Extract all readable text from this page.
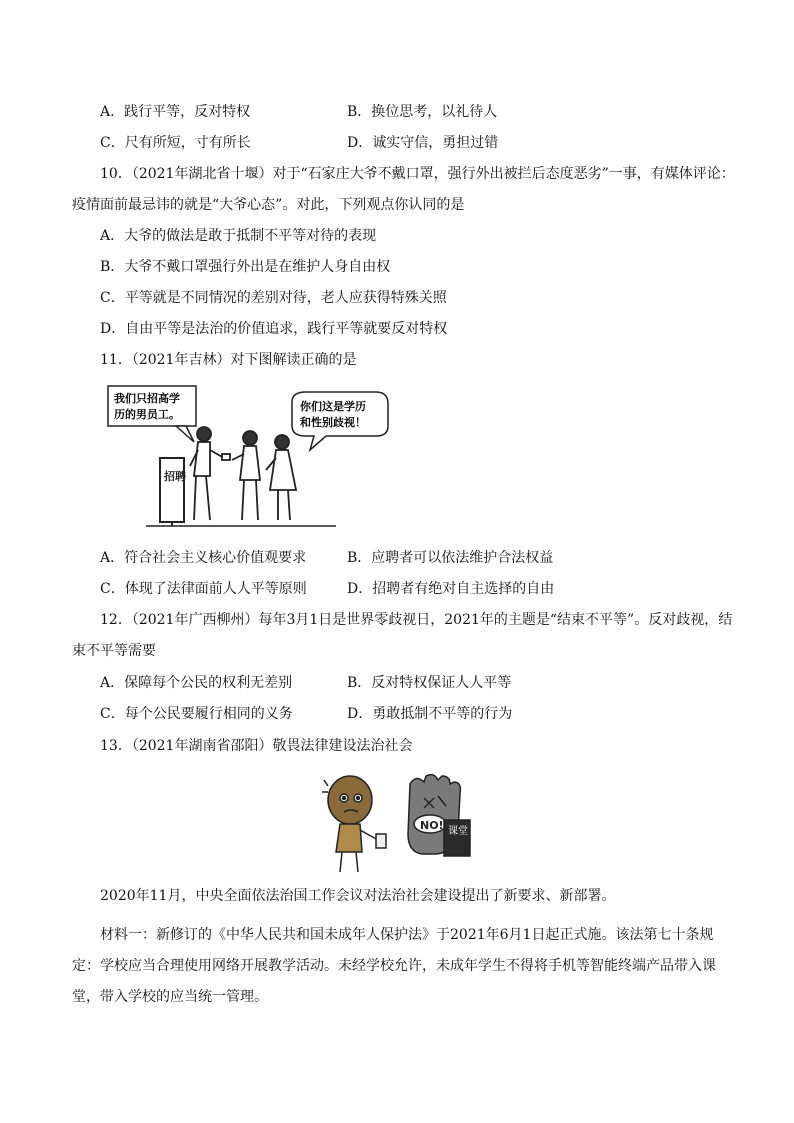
A．践行平等，反对特权	B．换位思考，以礼待人
C．尺有所短，寸有所长	D．诚实守信，勇担过错
10．（2021年湖北省十堰）对于“石家庄大爷不戴口罩，强行外出被拦后态度恶劣”一事，有媒体评论：
疫情面前最忌讳的就是“大爷心态”。对此，下列观点你认同的是
A．大爷的做法是敢于抵制不平等对待的表现
B．大爷不戴口罩强行外出是在维护人身自由权
C．平等就是不同情况的差别对待，老人应获得特殊关照
D．自由平等是法治的价值追求，践行平等就要反对特权
11．（2021年吉林）对下图解读正确的是
我们只招高学
历的男员工。
你们这是学历
和性别歧视！
招聘
A．符合社会主义核心价值观要求	B．应聘者可以依法维护合法权益
C．体现了法律面前人人平等原则	D．招聘者有绝对自主选择的自由
12．（2021年广西柳州）每年3月1日是世界零歧视日，2021年的主题是“结束不平等”。反对歧视，结
束不平等需要
A．保障每个公民的权利无差别	B．反对特权保证人人平等
C．每个公民要履行相同的义务	D．勇敢抵制不平等的行为
13．（2021年湖南省邵阳）敬畏法律建设法治社会
NO! 课堂
2020年11月，中央全面依法治国工作会议对法治社会建设提出了新要求、新部署。
材料一：新修订的《中华人民共和国未成年人保护法》于2021年6月1日起正式施。该法第七十条规
定：学校应当合理使用网络开展教学活动。未经学校允许，未成年学生不得将手机等智能终端产品带入课
堂，带入学校的应当统一管理。
